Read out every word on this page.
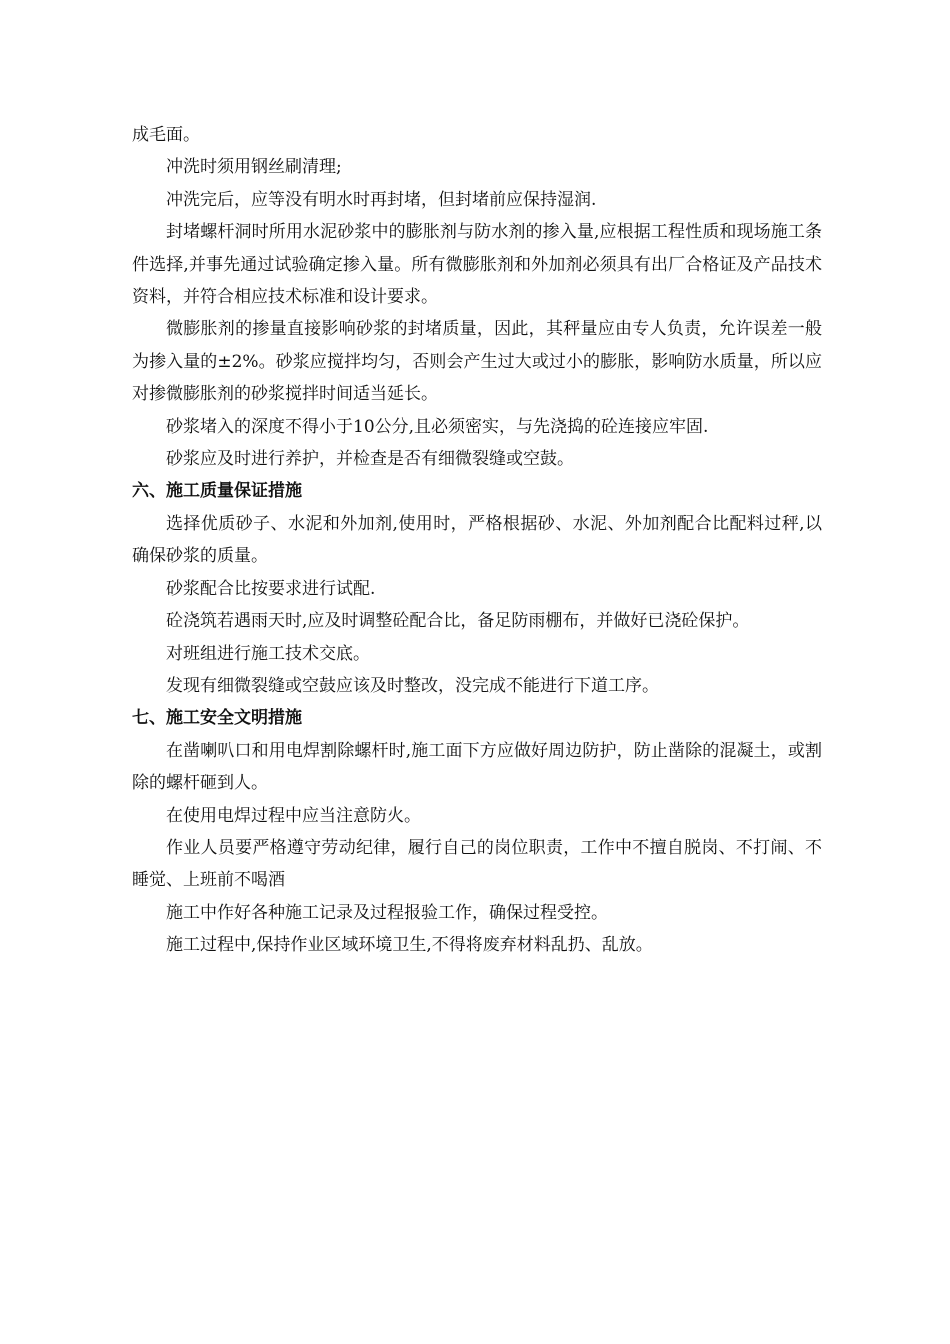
成毛面。

冲洗时须用钢丝刷清理;

冲洗完后，应等没有明水时再封堵，但封堵前应保持湿润.

封堵螺杆洞时所用水泥砂浆中的膨胀剂与防水剂的掺入量,应根据工程性质和现场施工条件选择,并事先通过试验确定掺入量。所有微膨胀剂和外加剂必须具有出厂合格证及产品技术资料，并符合相应技术标准和设计要求。

微膨胀剂的掺量直接影响砂浆的封堵质量，因此，其秤量应由专人负责，允许误差一般为掺入量的±2%。砂浆应搅拌均匀，否则会产生过大或过小的膨胀，影响防水质量，所以应对掺微膨胀剂的砂浆搅拌时间适当延长。

砂浆堵入的深度不得小于10公分,且必须密实，与先浇捣的砼连接应牢固.

砂浆应及时进行养护，并检查是否有细微裂缝或空鼓。

六、施工质量保证措施

选择优质砂子、水泥和外加剂,使用时，严格根据砂、水泥、外加剂配合比配料过秤,以确保砂浆的质量。

砂浆配合比按要求进行试配.

砼浇筑若遇雨天时,应及时调整砼配合比，备足防雨棚布，并做好已浇砼保护。

对班组进行施工技术交底。

发现有细微裂缝或空鼓应该及时整改，没完成不能进行下道工序。

七、施工安全文明措施

在凿喇叭口和用电焊割除螺杆时,施工面下方应做好周边防护，防止凿除的混凝土，或割除的螺杆砸到人。

在使用电焊过程中应当注意防火。

作业人员要严格遵守劳动纪律，履行自己的岗位职责，工作中不擅自脱岗、不打闹、不睡觉、上班前不喝酒

施工中作好各种施工记录及过程报验工作，确保过程受控。

施工过程中,保持作业区域环境卫生,不得将废弃材料乱扔、乱放。
